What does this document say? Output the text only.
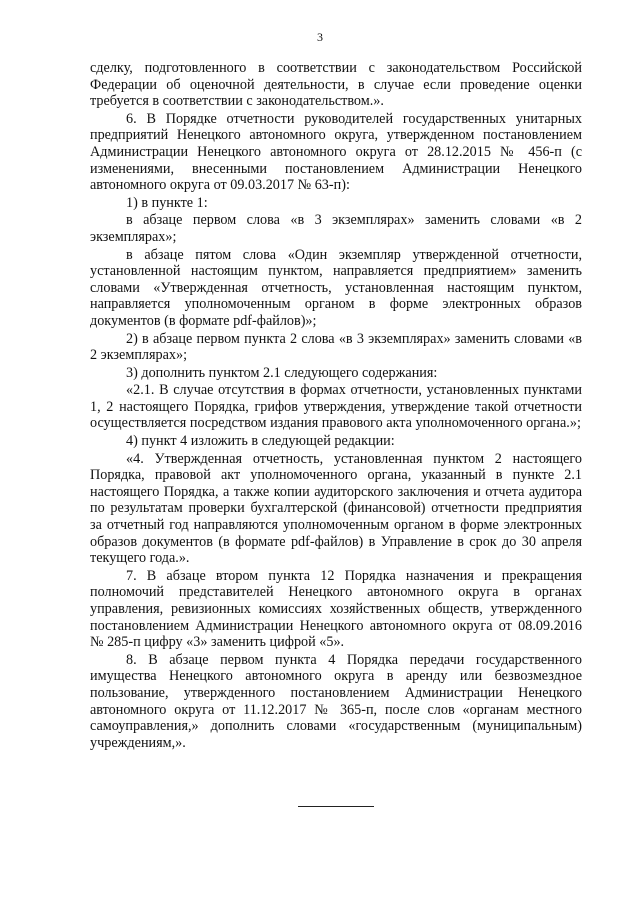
3

сделку, подготовленного в соответствии с законодательством Российской Федерации об оценочной деятельности, в случае если проведение оценки требуется в соответствии с законодательством.».

6. В Порядке отчетности руководителей государственных унитарных предприятий Ненецкого автономного округа, утвержденном постановлением Администрации Ненецкого автономного округа от 28.12.2015 № 456-п (с изменениями, внесенными постановлением Администрации Ненецкого автономного округа от 09.03.2017 № 63-п):

1) в пункте 1:

в абзаце первом слова «в 3 экземплярах» заменить словами «в 2 экземплярах»;

в абзаце пятом слова «Один экземпляр утвержденной отчетности, установленной настоящим пунктом, направляется предприятием» заменить словами «Утвержденная отчетность, установленная настоящим пунктом, направляется уполномоченным органом в форме электронных образов документов (в формате pdf-файлов)»;

2) в абзаце первом пункта 2 слова «в 3 экземплярах» заменить словами «в 2 экземплярах»;

3) дополнить пунктом 2.1 следующего содержания:

«2.1. В случае отсутствия в формах отчетности, установленных пунктами 1, 2 настоящего Порядка, грифов утверждения, утверждение такой отчетности осуществляется посредством издания правового акта уполномоченного органа.»;

4) пункт 4 изложить в следующей редакции:

«4. Утвержденная отчетность, установленная пунктом 2 настоящего Порядка, правовой акт уполномоченного органа, указанный в пункте 2.1 настоящего Порядка, а также копии аудиторского заключения и отчета аудитора по результатам проверки бухгалтерской (финансовой) отчетности предприятия за отчетный год направляются уполномоченным органом в форме электронных образов документов (в формате pdf-файлов) в Управление в срок до 30 апреля текущего года.».

7. В абзаце втором пункта 12 Порядка назначения и прекращения полномочий представителей Ненецкого автономного округа в органах управления, ревизионных комиссиях хозяйственных обществ, утвержденного постановлением Администрации Ненецкого автономного округа от 08.09.2016 № 285-п цифру «3» заменить цифрой «5».

8. В абзаце первом пункта 4 Порядка передачи государственного имущества Ненецкого автономного округа в аренду или безвозмездное пользование, утвержденного постановлением Администрации Ненецкого автономного округа от 11.12.2017 № 365-п, после слов «органам местного самоуправления,» дополнить словами «государственным (муниципальным) учреждениям,».
